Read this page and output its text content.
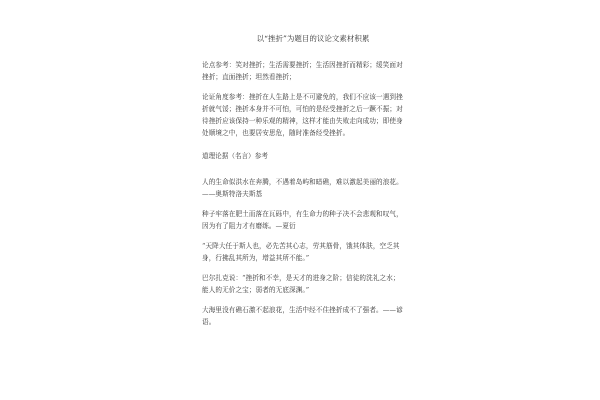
以“挫折”为题目的议论文素材积累
论点参考：笑对挫折；生活需要挫折；生活因挫折而精彩；缓笑面对
挫折；直面挫折；坦然看挫折；
论证角度参考：挫折在人生路上是不可避免的，我们不应该一遇到挫
折就气馁；挫折本身并不可怕，可怕的是经受挫折之后一蹶不振；对
待挫折应该保持一种乐观的精神，这样才能由失败走向成功；即使身
处顺境之中，也要居安思危，随时准备经受挫折。
道理论据（名言）参考
人的生命似洪水在奔腾，不遇着岛屿和暗礁，难以激起美丽的浪花。
——奥斯特洛夫斯基
种子牢落在肥土而落在瓦砾中，有生命力的种子决不会悲观和叹气，
因为有了阻力才有磨练。—夏衍
“天降大任于斯人也，必先苦其心志，劳其筋骨，饿其体肤，空乏其
身，行拂乱其所为，增益其所不能。”
巴尔扎克说：“挫折和不幸，是天才的进身之阶；信徒的洗礼之水；
能人的无价之宝；弱者的无底深渊。”
大海里没有礁石激不起浪花，生活中经不住挫折成不了强者。——谚
语。
